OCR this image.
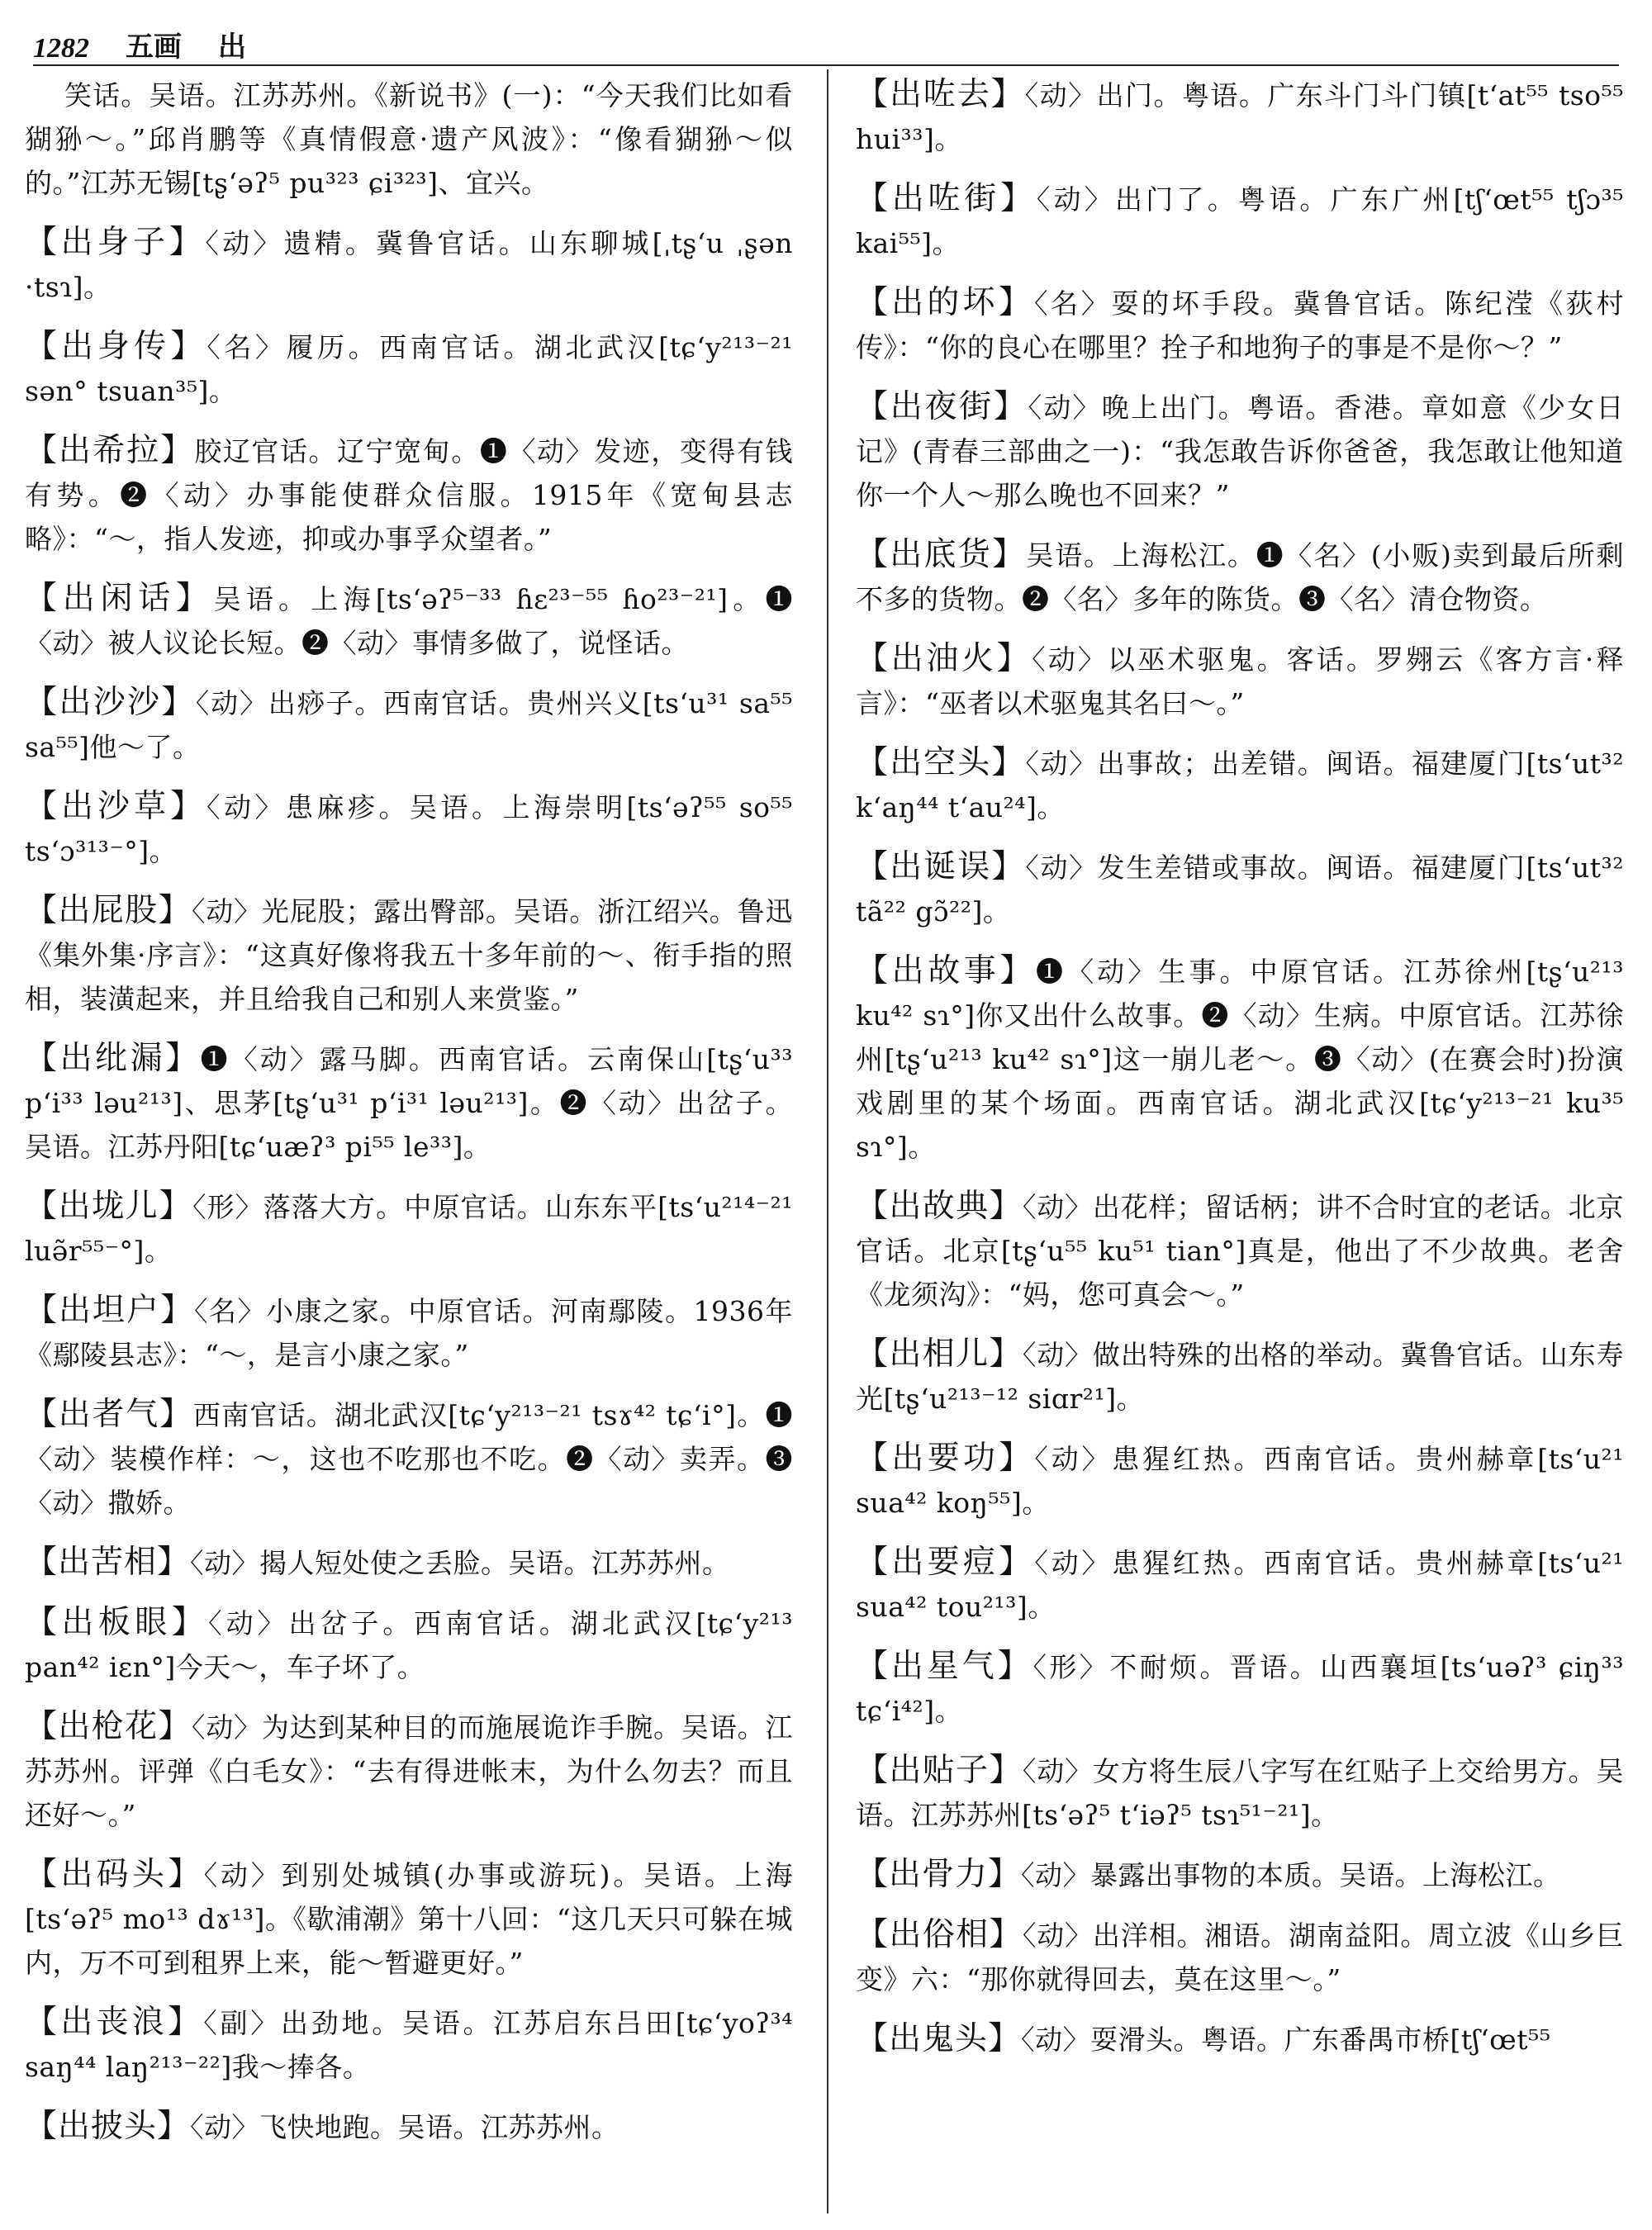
1282 五画 出

笑话。吴语。江苏苏州。《新说书》(一)：“今天我们比如看猢狲～。”邱肖鹏等《真情假意·遗产风波》：“像看猢狲～似的。”江苏无锡[tʂʻəʔ⁵ pu³²³ ɕi³²³]、宜兴。

【出身子】〈动〉遗精。冀鲁官话。山东聊城[ˌtʂʻu ˌʂən ·tsɿ]。

【出身传】〈名〉履历。西南官话。湖北武汉[tɕʻy²¹³⁻²¹ sən° tsuan³⁵]。

【出希拉】胶辽官话。辽宁宽甸。❶〈动〉发迹，变得有钱有势。❷〈动〉办事能使群众信服。1915年《宽甸县志略》：“～，指人发迹，抑或办事孚众望者。”

【出闲话】吴语。上海[tsʻəʔ⁵⁻³³ ɦɛ²³⁻⁵⁵ ɦo²³⁻²¹]。❶〈动〉被人议论长短。❷〈动〉事情多做了，说怪话。

【出沙沙】〈动〉出痧子。西南官话。贵州兴义[tsʻu³¹ sa⁵⁵ sa⁵⁵]他～了。

【出沙草】〈动〉患麻疹。吴语。上海崇明[tsʻəʔ⁵⁵ so⁵⁵ tsʻɔ³¹³⁻°]。

【出屁股】〈动〉光屁股；露出臀部。吴语。浙江绍兴。鲁迅《集外集·序言》：“这真好像将我五十多年前的～、衔手指的照相，装潢起来，并且给我自己和别人来赏鉴。”

【出纰漏】❶〈动〉露马脚。西南官话。云南保山[tʂʻu³³ pʻi³³ ləu²¹³]、思茅[tʂʻu³¹ pʻi³¹ ləu²¹³]。❷〈动〉出岔子。吴语。江苏丹阳[tɕʻuæʔ³ pi⁵⁵ le³³]。

【出垅儿】〈形〉落落大方。中原官话。山东东平[tsʻu²¹⁴⁻²¹ luə̃r⁵⁵⁻°]。

【出坦户】〈名〉小康之家。中原官话。河南鄢陵。1936年《鄢陵县志》：“～，是言小康之家。”

【出者气】西南官话。湖北武汉[tɕʻy²¹³⁻²¹ tsɤ⁴² tɕʻi°]。❶〈动〉装模作样：～，这也不吃那也不吃。❷〈动〉卖弄。❸〈动〉撒娇。

【出苦相】〈动〉揭人短处使之丢脸。吴语。江苏苏州。

【出板眼】〈动〉出岔子。西南官话。湖北武汉[tɕʻy²¹³ pan⁴² iɛn°]今天～，车子坏了。

【出枪花】〈动〉为达到某种目的而施展诡诈手腕。吴语。江苏苏州。评弹《白毛女》：“去有得进帐末，为什么勿去？而且还好～。”

【出码头】〈动〉到别处城镇(办事或游玩)。吴语。上海[tsʻəʔ⁵ mo¹³ dɤ¹³]。《歇浦潮》第十八回：“这几天只可躲在城内，万不可到租界上来，能～暂避更好。”

【出丧浪】〈副〉出劲地。吴语。江苏启东吕田[tɕʻyoʔ³⁴ saŋ⁴⁴ laŋ²¹³⁻²²]我～捧各。

【出披头】〈动〉飞快地跑。吴语。江苏苏州。

【出咗去】〈动〉出门。粤语。广东斗门斗门镇[tʻat⁵⁵ tso⁵⁵ hui³³]。

【出咗街】〈动〉出门了。粤语。广东广州[tʃʻœt⁵⁵ tʃɔ³⁵ kai⁵⁵]。

【出的坏】〈名〉耍的坏手段。冀鲁官话。陈纪滢《荻村传》：“你的良心在哪里？拴子和地狗子的事是不是你～？”

【出夜街】〈动〉晚上出门。粤语。香港。章如意《少女日记》(青春三部曲之一)：“我怎敢告诉你爸爸，我怎敢让他知道你一个人～那么晚也不回来？”

【出底货】吴语。上海松江。❶〈名〉(小贩)卖到最后所剩不多的货物。❷〈名〉多年的陈货。❸〈名〉清仓物资。

【出油火】〈动〉以巫术驱鬼。客话。罗翙云《客方言·释言》：“巫者以术驱鬼其名曰～。”

【出空头】〈动〉出事故；出差错。闽语。福建厦门[tsʻut³² kʻaŋ⁴⁴ tʻau²⁴]。

【出诞误】〈动〉发生差错或事故。闽语。福建厦门[tsʻut³² tã²² gɔ̃²²]。

【出故事】❶〈动〉生事。中原官话。江苏徐州[tʂʻu²¹³ ku⁴² sɿ°]你又出什么故事。❷〈动〉生病。中原官话。江苏徐州[tʂʻu²¹³ ku⁴² sɿ°]这一崩儿老～。❸〈动〉(在赛会时)扮演戏剧里的某个场面。西南官话。湖北武汉[tɕʻy²¹³⁻²¹ ku³⁵ sɿ°]。

【出故典】〈动〉出花样；留话柄；讲不合时宜的老话。北京官话。北京[tʂʻu⁵⁵ ku⁵¹ tian°]真是，他出了不少故典。老舍《龙须沟》：“妈，您可真会～。”

【出相儿】〈动〉做出特殊的出格的举动。冀鲁官话。山东寿光[tʂʻu²¹³⁻¹² siɑr²¹]。

【出要功】〈动〉患猩红热。西南官话。贵州赫章[tsʻu²¹ sua⁴² koŋ⁵⁵]。

【出要痘】〈动〉患猩红热。西南官话。贵州赫章[tsʻu²¹ sua⁴² tou²¹³]。

【出星气】〈形〉不耐烦。晋语。山西襄垣[tsʻuəʔ³ ɕiŋ³³ tɕʻi⁴²]。

【出贴子】〈动〉女方将生辰八字写在红贴子上交给男方。吴语。江苏苏州[tsʻəʔ⁵ tʻiəʔ⁵ tsɿ⁵¹⁻²¹]。

【出骨力】〈动〉暴露出事物的本质。吴语。上海松江。

【出俗相】〈动〉出洋相。湘语。湖南益阳。周立波《山乡巨变》六：“那你就得回去，莫在这里～。”

【出鬼头】〈动〉耍滑头。粤语。广东番禺市桥[tʃʻœt⁵⁵
